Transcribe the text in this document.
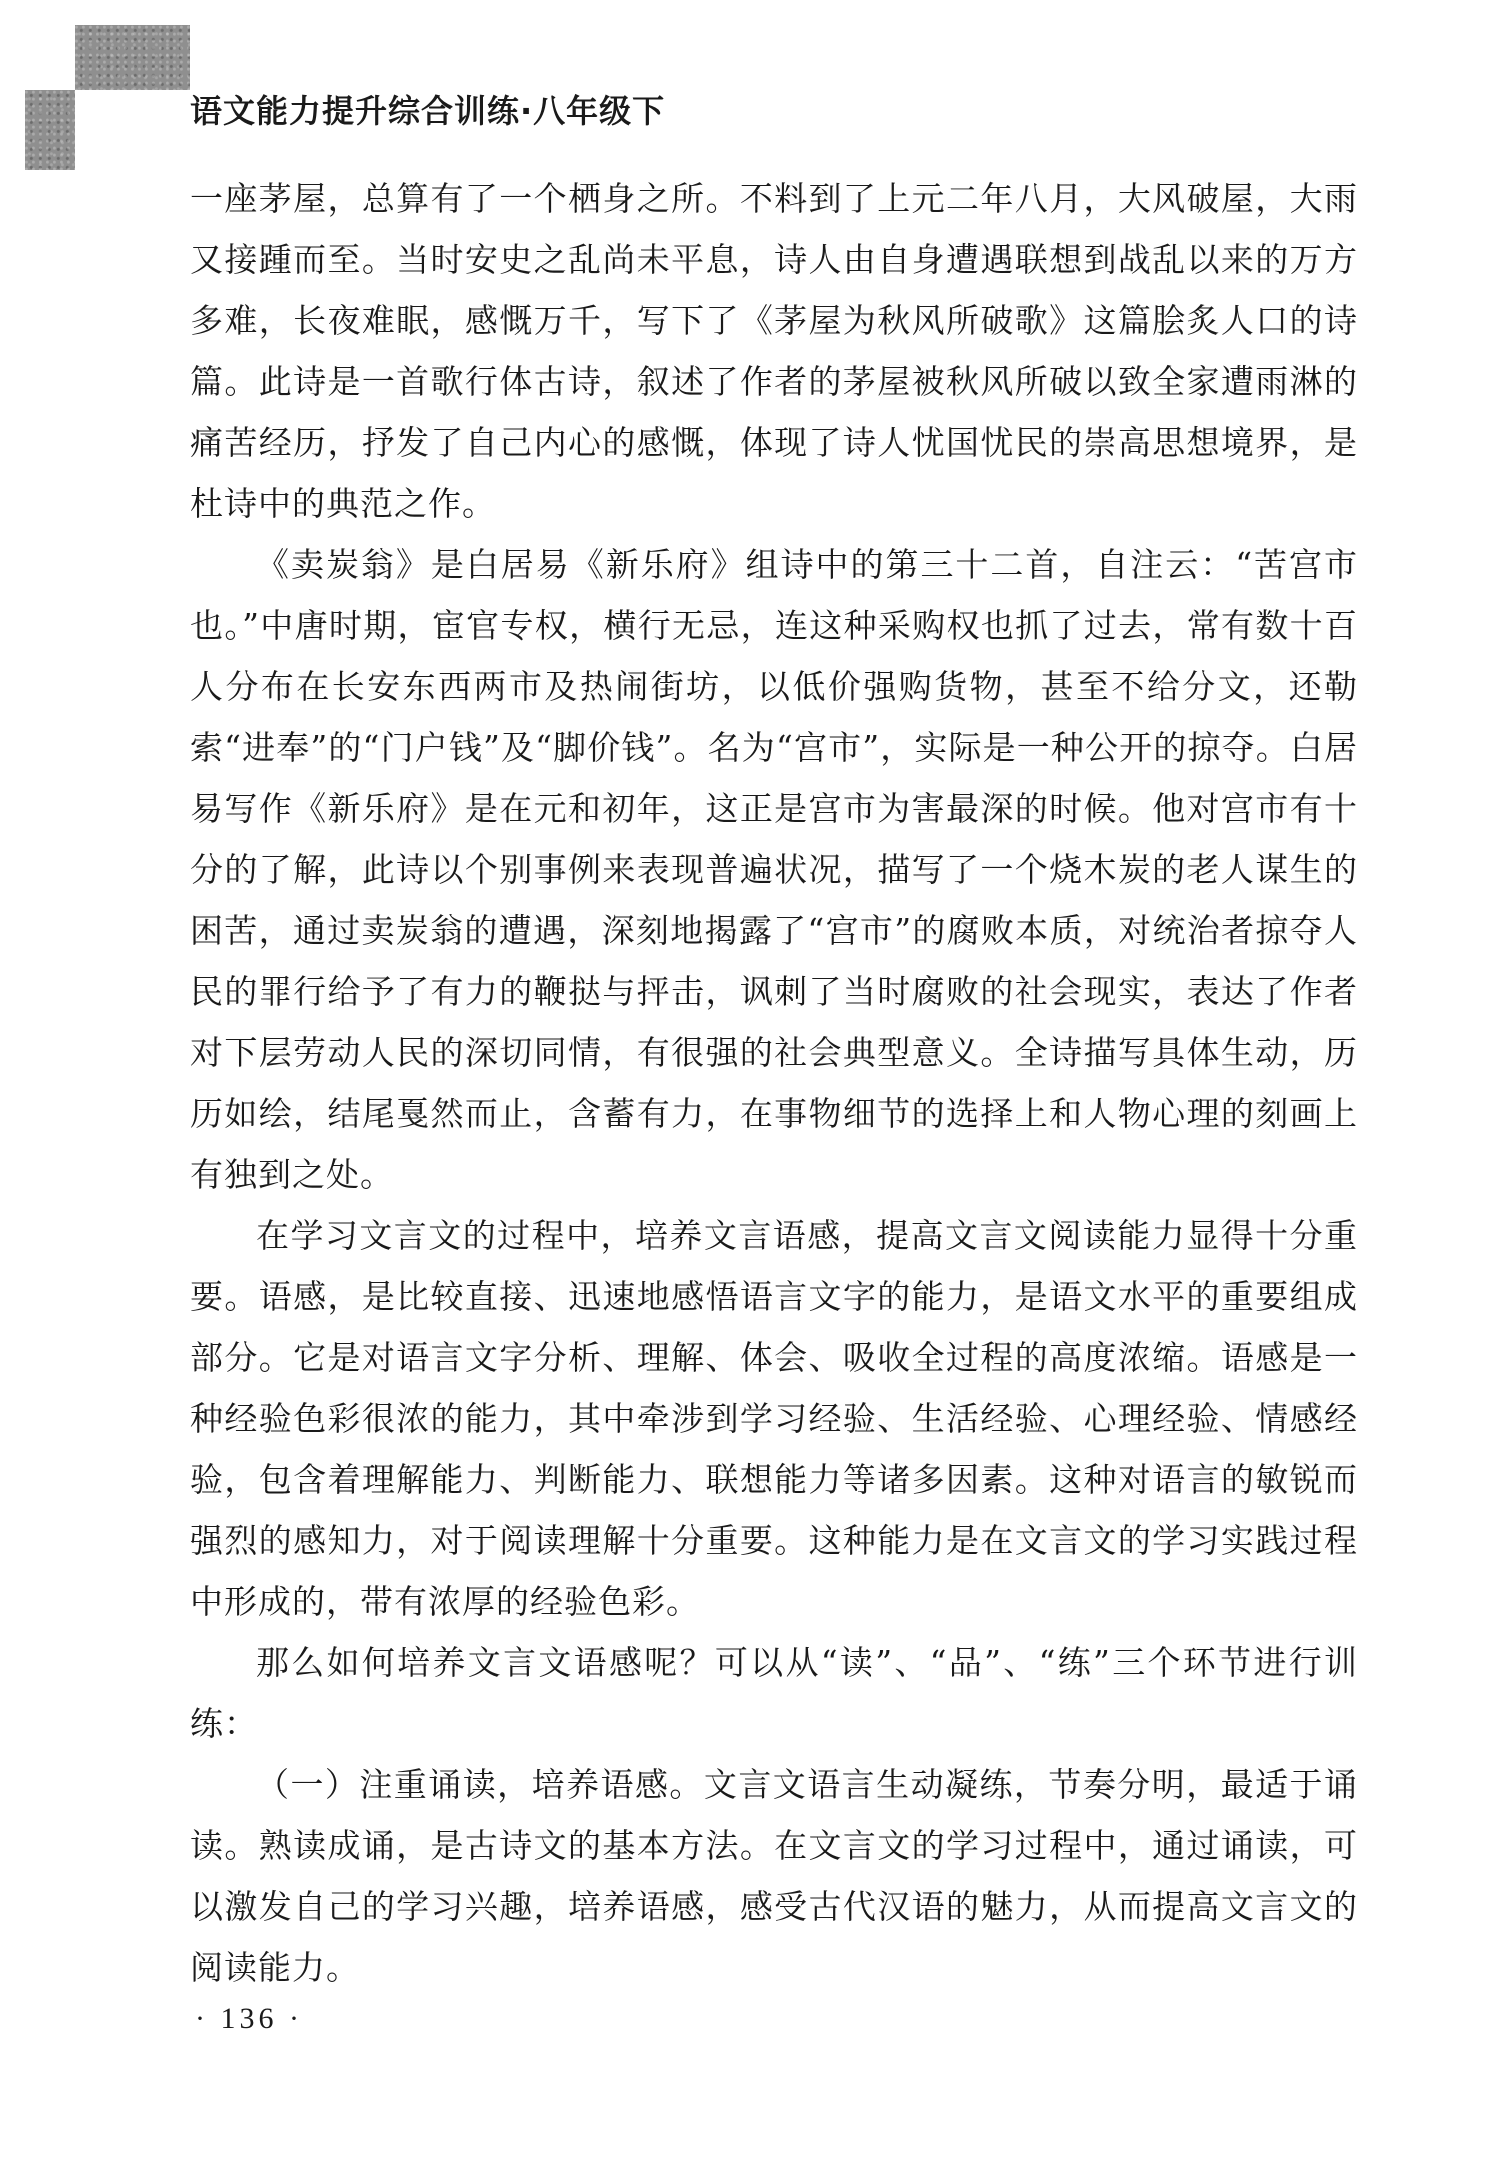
语文能力提升综合训练·八年级下

一座茅屋，总算有了一个栖身之所。不料到了上元二年八月，大风破屋，大雨又接踵而至。当时安史之乱尚未平息，诗人由自身遭遇联想到战乱以来的万方多难，长夜难眠，感慨万千，写下了《茅屋为秋风所破歌》这篇脍炙人口的诗篇。此诗是一首歌行体古诗，叙述了作者的茅屋被秋风所破以致全家遭雨淋的痛苦经历，抒发了自己内心的感慨，体现了诗人忧国忧民的崇高思想境界，是杜诗中的典范之作。

《卖炭翁》是白居易《新乐府》组诗中的第三十二首，自注云：“苦宫市也。”中唐时期，宦官专权，横行无忌，连这种采购权也抓了过去，常有数十百人分布在长安东西两市及热闹街坊，以低价强购货物，甚至不给分文，还勒索“进奉”的“门户钱”及“脚价钱”。名为“宫市”，实际是一种公开的掠夺。白居易写作《新乐府》是在元和初年，这正是宫市为害最深的时候。他对宫市有十分的了解，此诗以个别事例来表现普遍状况，描写了一个烧木炭的老人谋生的困苦，通过卖炭翁的遭遇，深刻地揭露了“宫市”的腐败本质，对统治者掠夺人民的罪行给予了有力的鞭挞与抨击，讽刺了当时腐败的社会现实，表达了作者对下层劳动人民的深切同情，有很强的社会典型意义。全诗描写具体生动，历历如绘，结尾戛然而止，含蓄有力，在事物细节的选择上和人物心理的刻画上有独到之处。

在学习文言文的过程中，培养文言语感，提高文言文阅读能力显得十分重要。语感，是比较直接、迅速地感悟语言文字的能力，是语文水平的重要组成部分。它是对语言文字分析、理解、体会、吸收全过程的高度浓缩。语感是一种经验色彩很浓的能力，其中牵涉到学习经验、生活经验、心理经验、情感经验，包含着理解能力、判断能力、联想能力等诸多因素。这种对语言的敏锐而强烈的感知力，对于阅读理解十分重要。这种能力是在文言文的学习实践过程中形成的，带有浓厚的经验色彩。

那么如何培养文言文语感呢？可以从“读”、“品”、“练”三个环节进行训练：

（一）注重诵读，培养语感。文言文语言生动凝练，节奏分明，最适于诵读。熟读成诵，是古诗文的基本方法。在文言文的学习过程中，通过诵读，可以激发自己的学习兴趣，培养语感，感受古代汉语的魅力，从而提高文言文的阅读能力。

· 136 ·
